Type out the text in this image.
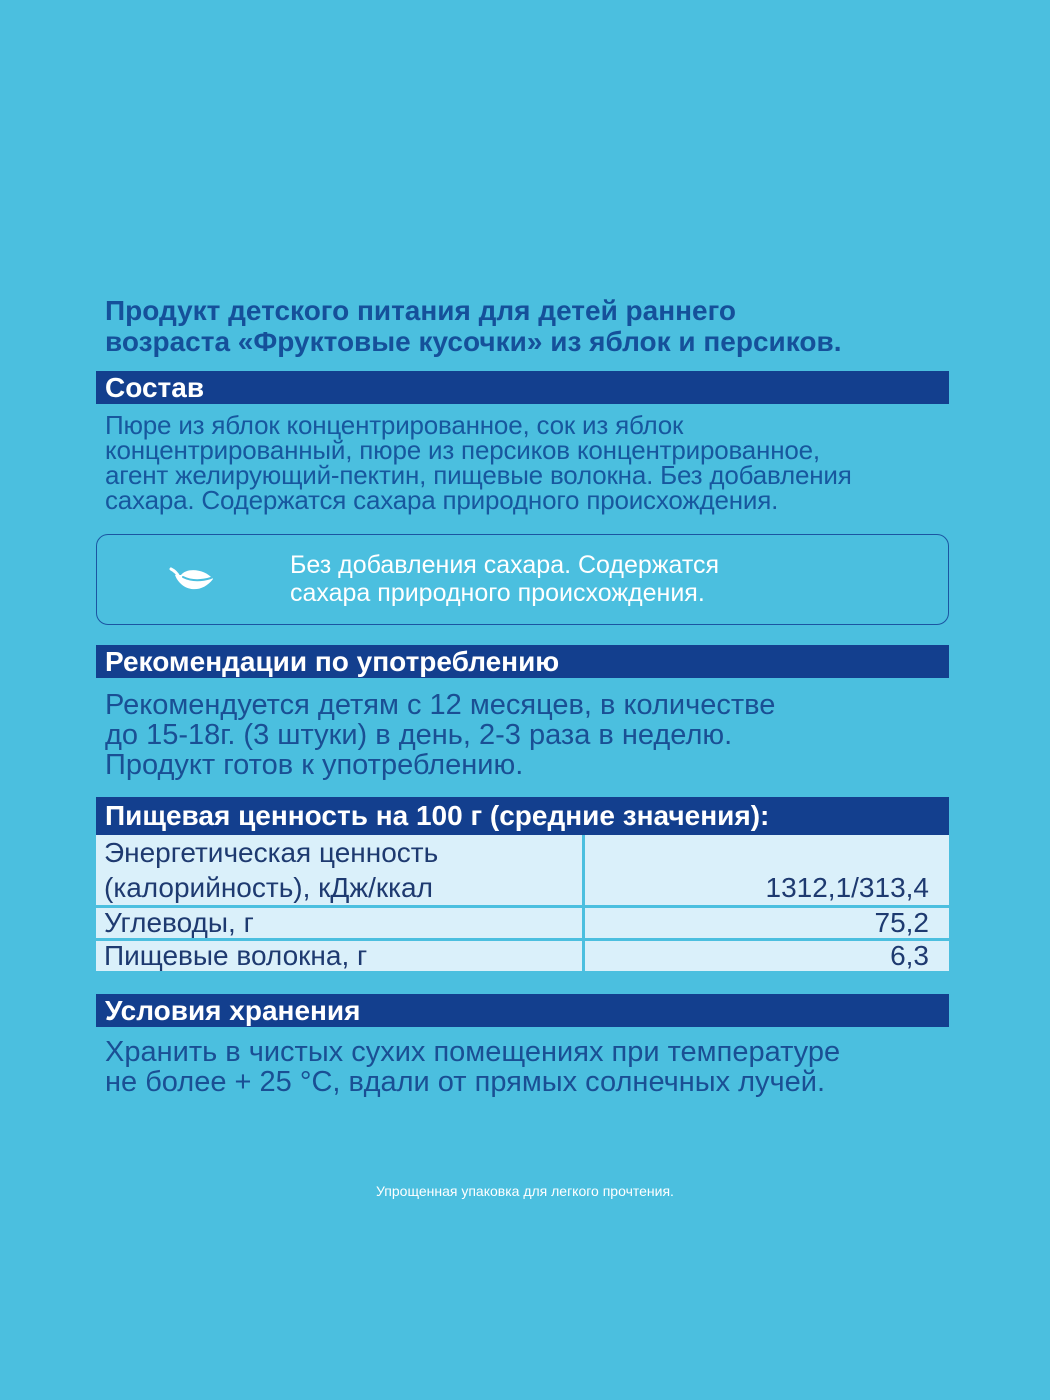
Продукт детского питания для детей раннего
возраста «Фруктовые кусочки» из яблок и персиков.
Состав

Пюре из яблок концентрированное, сок из яблок
концентрированный, пюре из персиков концентрированное,
агент желирующий-пектин, пищевые волокна. Без добавления
сахара. Содержатся сахара природного происхождения.

Без добавления сахара. Содержатся
сахара природного происхождения.

Рекомендации по употреблению

Рекомендуется детям с 12 месяцев, в количестве
до 15-18г. (3 штуки) в день, 2-3 раза в неделю.
Продукт готов к употреблению.

Пищевая ценность на 100 г (средние значения):
Энергетическая ценность
(калорийность), кДж/ккал	1312,1/313,4
Углеводы, г	75,2
Пищевые волокна, г	6,3
Условия хранения

Хранить в чистых сухих помещениях при температуре
не более + 25 °С, вдали от прямых солнечных лучей.

Упрощенная упаковка для легкого прочтения.
